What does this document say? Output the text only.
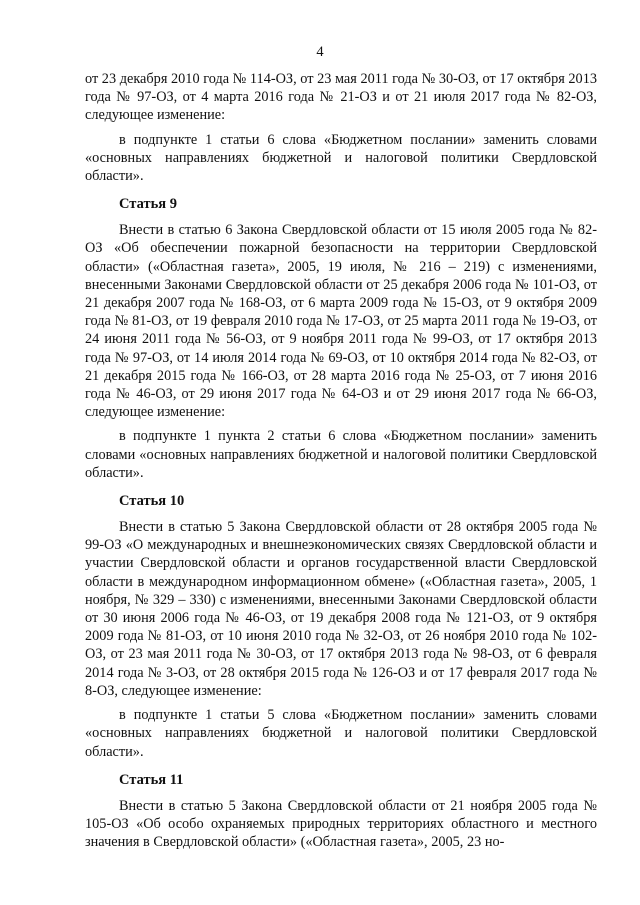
4

от 23 декабря 2010 года № 114-ОЗ, от 23 мая 2011 года № 30-ОЗ, от 17 октября 2013 года № 97-ОЗ, от 4 марта 2016 года № 21-ОЗ и от 21 июля 2017 года № 82-ОЗ, следующее изменение:

в подпункте 1 статьи 6 слова «Бюджетном послании» заменить словами «основных направлениях бюджетной и налоговой политики Свердловской области».

Статья 9

Внести в статью 6 Закона Свердловской области от 15 июля 2005 года № 82-ОЗ «Об обеспечении пожарной безопасности на территории Свердловской области» («Областная газета», 2005, 19 июля, № 216 – 219) с изменениями, внесенными Законами Свердловской области от 25 декабря 2006 года № 101-ОЗ, от 21 декабря 2007 года № 168-ОЗ, от 6 марта 2009 года № 15-ОЗ, от 9 октября 2009 года № 81-ОЗ, от 19 февраля 2010 года № 17-ОЗ, от 25 марта 2011 года № 19-ОЗ, от 24 июня 2011 года № 56-ОЗ, от 9 ноября 2011 года № 99-ОЗ, от 17 октября 2013 года № 97-ОЗ, от 14 июля 2014 года № 69-ОЗ, от 10 октября 2014 года № 82-ОЗ, от 21 декабря 2015 года № 166-ОЗ, от 28 марта 2016 года № 25-ОЗ, от 7 июня 2016 года № 46-ОЗ, от 29 июня 2017 года № 64-ОЗ и от 29 июня 2017 года № 66-ОЗ, следующее изменение:

в подпункте 1 пункта 2 статьи 6 слова «Бюджетном послании» заменить словами «основных направлениях бюджетной и налоговой политики Свердловской области».

Статья 10

Внести в статью 5 Закона Свердловской области от 28 октября 2005 года № 99-ОЗ «О международных и внешнеэкономических связях Свердловской области и участии Свердловской области и органов государственной власти Свердловской области в международном информационном обмене» («Областная газета», 2005, 1 ноября, № 329 – 330) с изменениями, внесенными Законами Свердловской области от 30 июня 2006 года № 46-ОЗ, от 19 декабря 2008 года № 121-ОЗ, от 9 октября 2009 года № 81-ОЗ, от 10 июня 2010 года № 32-ОЗ, от 26 ноября 2010 года № 102-ОЗ, от 23 мая 2011 года № 30-ОЗ, от 17 октября 2013 года № 98-ОЗ, от 6 февраля 2014 года № 3-ОЗ, от 28 октября 2015 года № 126-ОЗ и от 17 февраля 2017 года № 8-ОЗ, следующее изменение:

в подпункте 1 статьи 5 слова «Бюджетном послании» заменить словами «основных направлениях бюджетной и налоговой политики Свердловской области».

Статья 11

Внести в статью 5 Закона Свердловской области от 21 ноября 2005 года № 105-ОЗ «Об особо охраняемых природных территориях областного и местного значения в Свердловской области» («Областная газета», 2005, 23 но-
